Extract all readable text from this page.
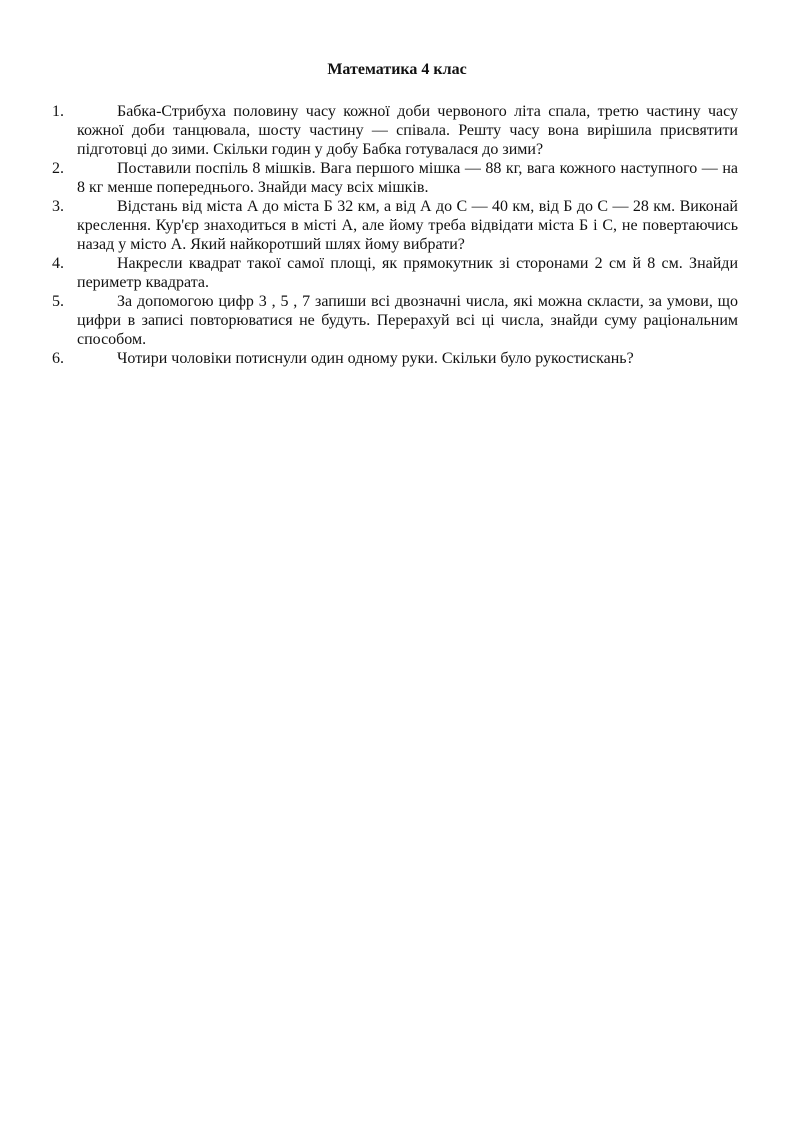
Математика 4 клас
1.	Бабка-Стрибуха половину часу кожної доби червоного літа спала, третю частину часу кожної доби танцювала, шосту частину — співала. Решту часу вона вирішила присвятити підготовці до зими. Скільки годин у добу Бабка готувалася до зими?
2.	Поставили поспіль 8 мішків. Вага першого мішка — 88 кг, вага кожного наступного — на 8 кг менше попереднього. Знайди масу всіх мішків.
3.	Відстань від міста А до міста Б 32 км, а від А до С — 40 км, від Б до С — 28 км. Виконай креслення. Кур'єр знаходиться в місті А, але йому треба відвідати міста Б і С, не повертаючись назад у місто А. Який найкоротший шлях йому вибрати?
4.	Накресли квадрат такої самої площі, як прямокутник зі сторонами 2 см й 8 см. Знайди периметр квадрата.
5.	За допомогою цифр 3 , 5 , 7 запиши всі двозначні числа, які можна скласти, за умови, що цифри в записі повторюватися не будуть. Перерахуй всі ці числа, знайди суму раціональним способом.
6.	Чотири чоловіки потиснули один одному руки. Скільки було рукостискань?
